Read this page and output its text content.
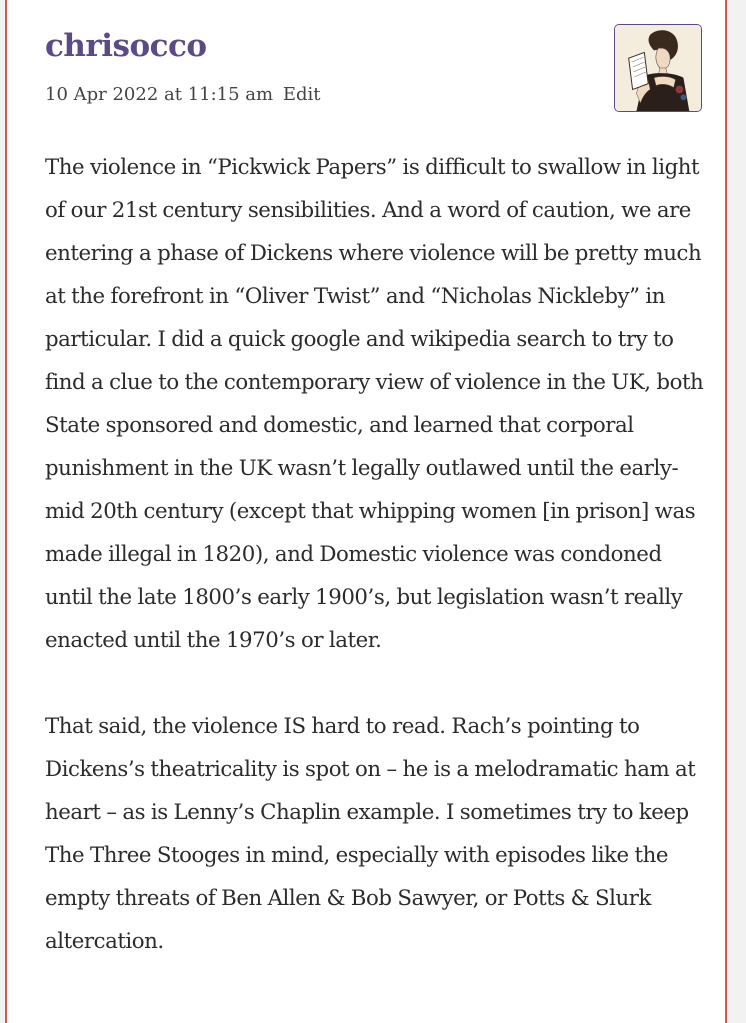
chrisocco
10 Apr 2022 at 11:15 am Edit

The violence in “Pickwick Papers” is difficult to swallow in light of our 21st century sensibilities. And a word of caution, we are entering a phase of Dickens where violence will be pretty much at the forefront in “Oliver Twist” and “Nicholas Nickleby” in particular. I did a quick google and wikipedia search to try to find a clue to the contemporary view of violence in the UK, both State sponsored and domestic, and learned that corporal punishment in the UK wasn’t legally outlawed until the early-mid 20th century (except that whipping women [in prison] was made illegal in 1820), and Domestic violence was condoned until the late 1800’s early 1900’s, but legislation wasn’t really enacted until the 1970’s or later.

That said, the violence IS hard to read. Rach’s pointing to Dickens’s theatricality is spot on – he is a melodramatic ham at heart – as is Lenny’s Chaplin example. I sometimes try to keep The Three Stooges in mind, especially with episodes like the empty threats of Ben Allen & Bob Sawyer, or Potts & Slurk altercation.
